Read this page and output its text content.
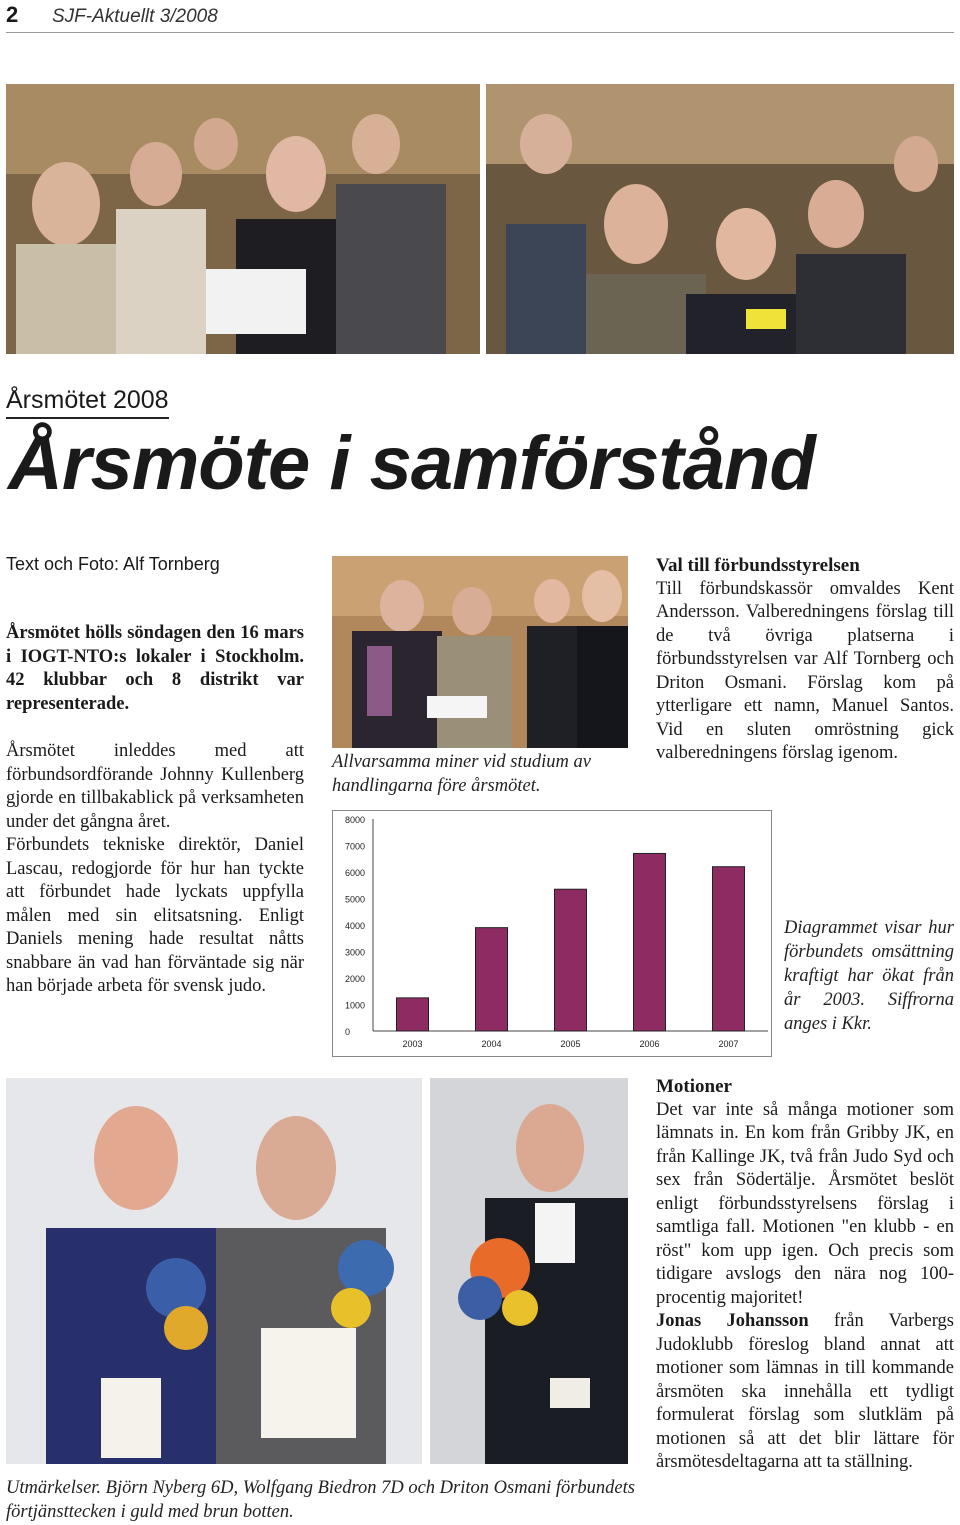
2 SJF-Aktuellt 3/2008
Årsmötet 2008
Årsmöte i samförstånd
Text och Foto: Alf Tornberg

Årsmötet hölls söndagen den 16 mars i IOGT-NTO:s lokaler i Stockholm. 42 klubbar och 8 distrikt var representerade.

Årsmötet inleddes med att förbundsordförande Johnny Kullenberg gjorde en tillbakablick på verksamheten under det gångna året.

Förbundets tekniske direktör, Daniel Lascau, redogjorde för hur han tyckte att förbundet hade lyckats uppfylla målen med sin elitsatsning. Enligt Daniels mening hade resultat nåtts snabbare än vad han förväntade sig när han började arbeta för svensk judo.

Allvarsamma miner vid studium av handlingarna före årsmötet.
0
1000
2000
3000
4000
5000
6000
7000
8000
2003	2004	2005	2006	2007
Diagrammet visar hur förbundets omsättning kraftigt har ökat från år 2003. Siffrorna anges i Kkr.
Val till förbundsstyrelsen

Till förbundskassör omvaldes Kent Andersson. Valberedningens förslag till de två övriga platserna i förbundsstyrelsen var Alf Tornberg och Driton Osmani. Förslag kom på ytterligare ett namn, Manuel Santos. Vid en sluten omröstning gick valberedningens förslag igenom.

Utmärkelser. Björn Nyberg 6D, Wolfgang Biedron 7D och Driton Osmani förbundets förtjänsttecken i guld med brun botten.
Motioner

Det var inte så många motioner som lämnats in. En kom från Gribby JK, en från Kallinge JK, två från Judo Syd och sex från Södertälje. Årsmötet beslöt enligt förbundsstyrelsens förslag i samtliga fall. Motionen "en klubb - en röst" kom upp igen. Och precis som tidigare avslogs den nära nog 100-procentig majoritet!

Jonas Johansson från Varbergs Judoklubb föreslog bland annat att motioner som lämnas in till kommande årsmöten ska innehålla ett tydligt formulerat förslag som slutkläm på motionen så att det blir lättare för årsmötesdeltagarna att ta ställning.
